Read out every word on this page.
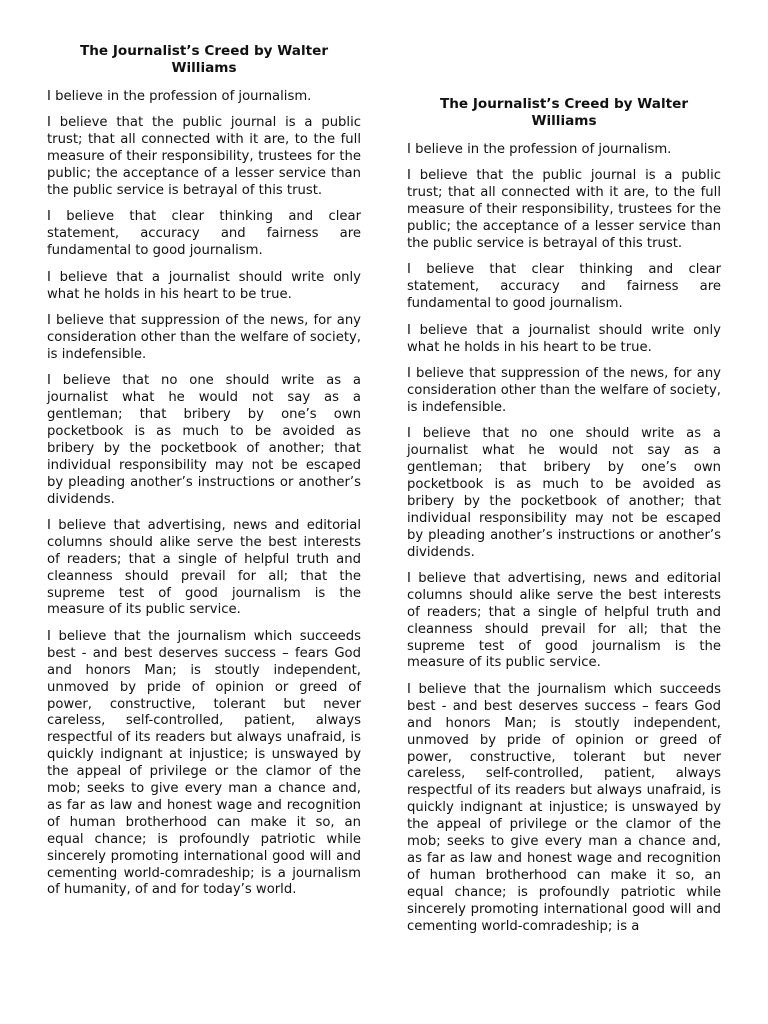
The Journalist’s Creed by Walter Williams

I believe in the profession of journalism.

I believe that the public journal is a public trust; that all connected with it are, to the full measure of their responsibility, trustees for the public; the acceptance of a lesser service than the public service is betrayal of this trust.

I believe that clear thinking and clear statement, accuracy and fairness are fundamental to good journalism.

I believe that a journalist should write only what he holds in his heart to be true.

I believe that suppression of the news, for any consideration other than the welfare of society, is indefensible.

I believe that no one should write as a journalist what he would not say as a gentleman; that bribery by one’s own pocketbook is as much to be avoided as bribery by the pocketbook of another; that individual responsibility may not be escaped by pleading another’s instructions or another’s dividends.

I believe that advertising, news and editorial columns should alike serve the best interests of readers; that a single of helpful truth and cleanness should prevail for all; that the supreme test of good journalism is the measure of its public service.

I believe that the journalism which succeeds best - and best deserves success – fears God and honors Man; is stoutly independent, unmoved by pride of opinion or greed of power, constructive, tolerant but never careless, self-controlled, patient, always respectful of its readers but always unafraid, is quickly indignant at injustice; is unswayed by the appeal of privilege or the clamor of the mob; seeks to give every man a chance and, as far as law and honest wage and recognition of human brotherhood can make it so, an equal chance; is profoundly patriotic while sincerely promoting international good will and cementing world-comradeship; is a journalism of humanity, of and for today’s world.

The Journalist’s Creed by Walter Williams

I believe in the profession of journalism.

I believe that the public journal is a public trust; that all connected with it are, to the full measure of their responsibility, trustees for the public; the acceptance of a lesser service than the public service is betrayal of this trust.

I believe that clear thinking and clear statement, accuracy and fairness are fundamental to good journalism.

I believe that a journalist should write only what he holds in his heart to be true.

I believe that suppression of the news, for any consideration other than the welfare of society, is indefensible.

I believe that no one should write as a journalist what he would not say as a gentleman; that bribery by one’s own pocketbook is as much to be avoided as bribery by the pocketbook of another; that individual responsibility may not be escaped by pleading another’s instructions or another’s dividends.

I believe that advertising, news and editorial columns should alike serve the best interests of readers; that a single of helpful truth and cleanness should prevail for all; that the supreme test of good journalism is the measure of its public service.

I believe that the journalism which succeeds best - and best deserves success – fears God and honors Man; is stoutly independent, unmoved by pride of opinion or greed of power, constructive, tolerant but never careless, self-controlled, patient, always respectful of its readers but always unafraid, is quickly indignant at injustice; is unswayed by the appeal of privilege or the clamor of the mob; seeks to give every man a chance and, as far as law and honest wage and recognition of human brotherhood can make it so, an equal chance; is profoundly patriotic while sincerely promoting international good will and cementing world-comradeship; is a
